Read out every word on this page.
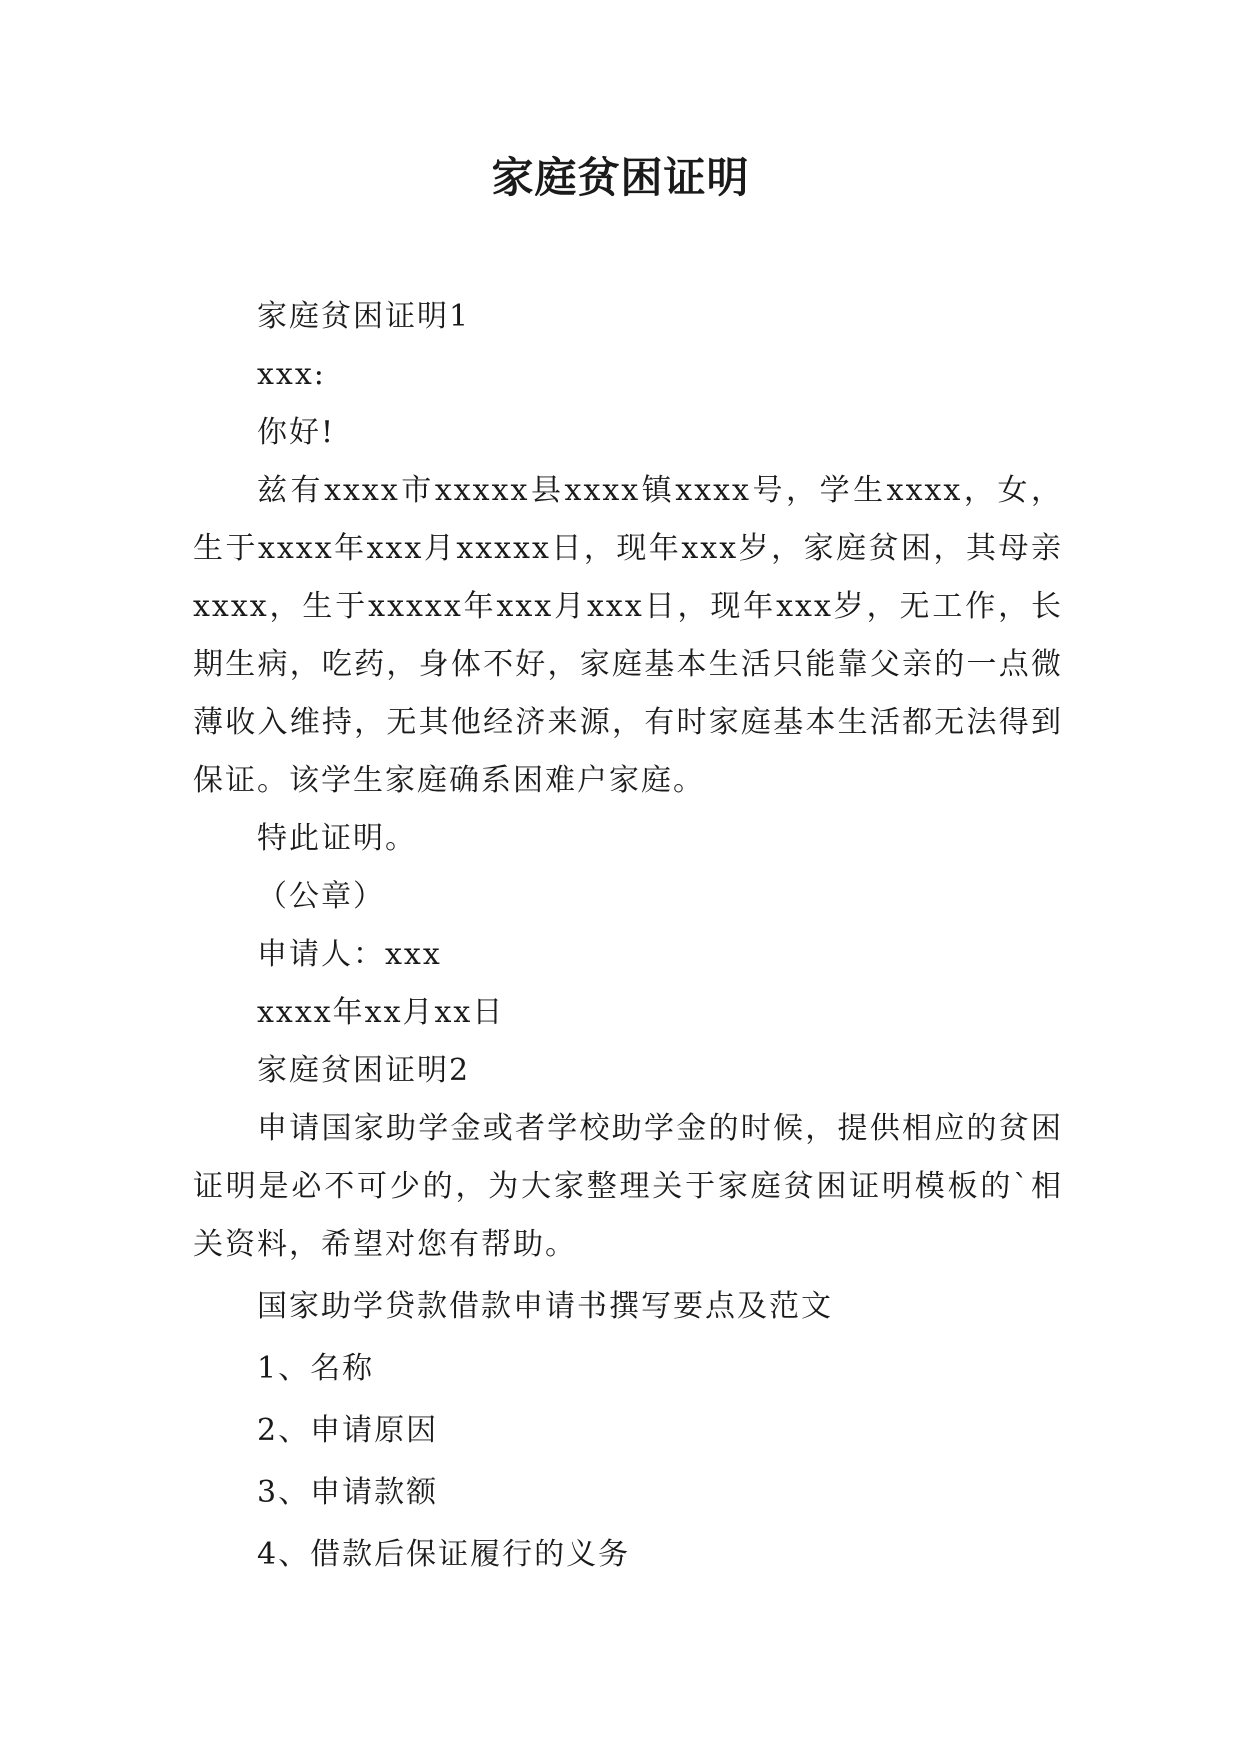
家庭贫困证明

家庭贫困证明1

xxx:

你好!

兹有xxxx市xxxxx县xxxx镇xxxx号，学生xxxx，女，生于xxxx年xxx月xxxxx日，现年xxx岁，家庭贫困，其母亲xxxx，生于xxxxx年xxx月xxx日，现年xxx岁，无工作，长期生病，吃药，身体不好，家庭基本生活只能靠父亲的一点微薄收入维持，无其他经济来源，有时家庭基本生活都无法得到保证。该学生家庭确系困难户家庭。

特此证明。

（公章）

申请人：xxx

xxxx年xx月xx日

家庭贫困证明2

申请国家助学金或者学校助学金的时候，提供相应的贫困证明是必不可少的，为大家整理关于家庭贫困证明模板的`相关资料，希望对您有帮助。

国家助学贷款借款申请书撰写要点及范文

1、名称

2、申请原因

3、申请款额

4、借款后保证履行的义务
